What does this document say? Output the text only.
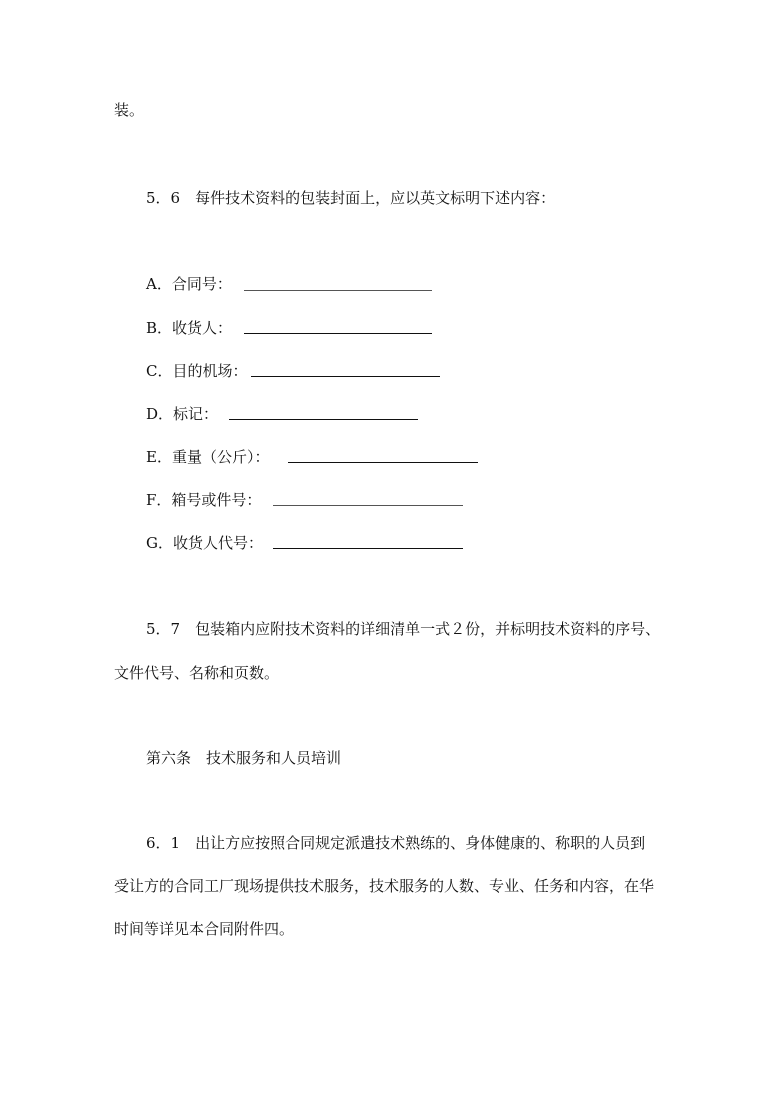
装。
5．6　每件技术资料的包装封面上，应以英文标明下述内容：
A．合同号：
B．收货人：
C．目的机场：
D．标记：
E．重量（公斤）：
F．箱号或件号：
G．收货人代号：
5．7　包装箱内应附技术资料的详细清单一式２份，并标明技术资料的序号、
文件代号、名称和页数。
第六条　技术服务和人员培训
6．1　出让方应按照合同规定派遣技术熟练的、身体健康的、称职的人员到
受让方的合同工厂现场提供技术服务，技术服务的人数、专业、任务和内容，在华
时间等详见本合同附件四。
